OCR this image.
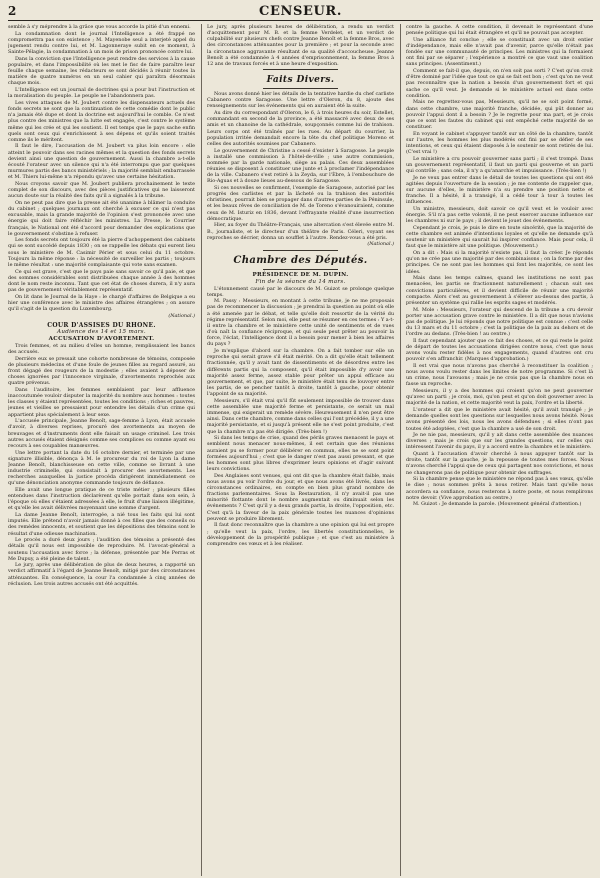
2	CENSEUR.

semble à s'y méprendre à la grâce que vous accorde la pitié d'un ennemi.

La condamnation dont le journal l'Intelligence a été frappé ne compromettra pas son existence ; M. Mayenobe seul a interjeté appel du jugement rendu contre lui, et M. Lagonneraye subit en ce moment, à Sainte-Pélagie, la condamnation à un mois de prison prononcée contre lui.

Dans la conviction que l'Intelligence peut rendre des services à la cause populaire, et dans l'impossibilité où les met le fisc de faire paraître leur feuille chaque semaine, les rédacteurs se sont décidés à réunir toutes la matière de quatre numéros en un seul cahier qui paraîtra désormais chaque mois.

L'Intelligence est un journal de doctrines qui a pour but l'instruction et la moralisation du peuple. Le peuple ne l'abandonnera pas.

Les vives attaques de M. Joubert contre les dispensateurs actuels des fonds secrets ne sont que la continuation de cette comédie dont le public n'a jamais été dupe et dont la doctrine est aujourd'hui le comble. Ce n'est plus contre des ministres que la lutte est engagée, c'est contre le système même qui les crée et qui les soutient. Il est temps que le pays sache enfin quels sont ceux qui s'enrichissent à ses dépens et qu'ils soient traités comme ils le méritent.

Il faut le dire, l'accusation de M. Joubert va plus loin encore : elle atteint le pouvoir dans ses racines mêmes et la question des fonds secrets devient ainsi une question de gouvernement. Aussi la chambre a-t-elle écouté l'orateur avec un silence qui n'a été interrompu que par quelques murmures partis des bancs ministériels ; la majorité semblait embarrassée et M. Thiers lui-même n'a répondu qu'avec une certaine hésitation.

Nous croyons savoir que M. Joubert publiera prochainement le texte complet de son discours, avec des pièces justificatives qui ne laisseront aucun doute sur la réalité des faits qu'il a signalés à la tribune.

On ne peut pas dire que la presse ait été unanime à blâmer la conduite du cabinet ; quelques journaux ont cherché à excuser ce qui n'est pas excusable, mais la grande majorité de l'opinion s'est prononcée avec une énergie qui doit faire réfléchir les ministres. La Presse, le Courrier français, le National ont été d'accord pour demander des explications que le gouvernement s'obstine à refuser.

Les fonds secrets ont toujours été la pierre d'achoppement des cabinets qui se sont succédé depuis 1830 ; on se rappelle les débats qui eurent lieu sous le ministère de M. Casimir Périer et sous celui du 11 octobre. Toujours la même réponse : la nécessité de surveiller les partis ; toujours le même résultat : une majorité complaisante qui vote sans examen.

Ce qui est grave, c'est que le pays paie sans savoir ce qu'il paie, et que des sommes considérables sont distribuées chaque année à des hommes dont le nom reste inconnu. Tant que cet état de choses durera, il n'y aura pas de gouvernement véritablement représentatif.

On lit dans le Journal de la Haye : le chargé d'affaires de Belgique a eu hier une conférence avec le ministre des affaires étrangères ; on assure qu'il s'agit de la question du Luxembourg.

(National.)
COUR D'ASSISES DU RHONE.
Audience des 14 et 15 mars.
ACCUSATION D'AVORTEMENT.

Trois femmes, et au milieu d'elles un homme, remplissaient les bancs des accusés.

Derrière eux se pressait une cohorte nombreuse de témoins, composée de plusieurs médecins et d'une foule de jeunes filles au regard assuré, au front dégagé des rougeurs de la modestie ; elles avaient à déposer de choses ignorées par l'innocence virginale, d'avortements reprochés aux quatre prévenus.

Dans l'auditoire, les femmes semblaient par leur affluence inaccoutumée vouloir disputer la majorité du nombre aux hommes : toutes les classes y étaient représentées, toutes les conditions ; riches et pauvres, jeunes et vieilles se pressaient pour entendre les détails d'un crime qui appartient plus spécialement à leur sexe.

L'accusée principale, Jeanne Benoît, sage-femme à Lyon, était accusée d'avoir, à diverses reprises, procuré des avortements au moyen de breuvages et d'instruments dont elle faisait un usage criminel. Les trois autres accusés étaient désignés comme ses complices ou comme ayant eu recours à ses coupables manœuvres.

Une lettre portant la date du 16 octobre dernier, et terminée par une signature illisible, dénonça à M. le procureur du roi de Lyon la dame Jeanne Benoît, blanchisseuse en cette ville, comme se livrant à une industrie criminelle, qui consistait à procurer des avortements. Les recherches auxquelles la justice procéda dirigèrent immédiatement ce qu'une dénonciation anonyme commande toujours de défiance.

Elle avait une longue pratique de ce triste métier ; plusieurs filles entendues dans l'instruction déclarèrent qu'elle portait dans son sein, à l'époque où elles s'étaient adressées à elle, le fruit d'une liaison illégitime, et qu'elle les avait délivrées moyennant une somme d'argent.

La dame Jeanne Benoît, interrogée, a nié tous les faits qui lui sont imputés. Elle prétend n'avoir jamais donné à ces filles que des conseils ou des remèdes innocents, et soutient que les dépositions des témoins sont le résultat d'une odieuse machination.

Le procès a duré deux jours ; l'audition des témoins a présenté des détails qu'il nous est impossible de reproduire. M. l'avocat-général a soutenu l'accusation avec force ; la défense, présentée par Me Perras et Me Dupuy, a été pleine de talent.

Le jury, après une délibération de plus de deux heures, a rapporté un verdict affirmatif à l'égard de Jeanne Benoît, mitigé par des circonstances atténuantes. En conséquence, la cour l'a condamnée à cinq années de réclusion. Les trois autres accusés ont été acquittés.

Le jury, après plusieurs heures de délibération, a rendu un verdict d'acquittement pour M. B. et la femme Verdelet, et un verdict de culpabilité sur plusieurs chefs contre Jeanne Benoît et la femme Bros, avec des circonstances atténuantes pour la première ; et pour la seconde avec la circonstance aggravante résultant de sa qualité d'accoucheuse. Jeanne Benoît a été condamnée à 4 années d'emprisonnement, la femme Bros à 12 ans de travaux forcés et à une heure d'exposition.

Faits Divers.

Nous avons donné hier les détails de la tentative hardie du chef carliste Cabanero contre Saragosse. Une lettre d'Oleron, du 8, ajoute des renseignements sur les événements qui en auraient été la suite.

Au dire du correspondant d'Oleron, le 6, à trois heures du soir, Estellet, commandant en second de la province, a été massacré avec deux de ses amis et un chanoine de la cathédrale, soupçonnés comme lui de trahison. Leurs corps ont été traînés par les rues. Au départ du courrier, la population irritée demandait encore la tête du chef politique Moreno et celles des autorités soumises par Cabanero.

Le gouvernement de Christine a cessé d'exister à Saragosse. Le peuple a installé une commission à l'hôtel-de-ville ; une autre commission, nommée par la garde nationale, siège au palais. Ces deux assemblées réunies se disposent à constituer une junte et à proclamer l'indépendance de la ville. Cabanero s'est retiré à la Zeyda, sur l'Èbre, à l'embouchure de Rio-Aguas et à douze lieues au-dessous de Saragosse.

Si ces nouvelles se confirment, l'exemple de Saragosse, autorisé par les progrès des carlistes et par la lâcheté ou la trahison des autorités christines, pourrait bien se propager dans d'autres parties de la Péninsule, et les beaux rêves de conciliation de M. de Toreno s'évanouiraient, comme ceux de M. Isturiz en 1836, devant l'effrayante réalité d'une insurrection démocratique.

Hier, au foyer du Théâtre-Français, une altercation s'est élevée entre M. B., journaliste, et le directeur d'un théâtre de Paris. Céleri, voyant ses reproches se décrier, donna un soufflet à l'autre. Rendez-vous a été pris.

(National.)
Chambre des Députés.
PRÉSIDENCE DE M. DUPIN.
Fin de la séance du 14 mars.

L'étonnement causé par le discours de M. Guizot se prolonge quelque temps.

M. Passy : Messieurs, en montant à cette tribune, je ne me proposais pas de recommencer la discussion ; je prendrai la question au point où elle a été amenée par le débat, et telle qu'elle doit ressortir de la vérité du régime représentatif. Selon moi, elle peut se résumer en ces termes : Y a-t-il entre la chambre et le ministère cette unité de sentiments et de vues d'où naît la confiance réciproque, et qui seule peut prêter au pouvoir la force, l'éclat, l'intelligence dont il a besoin pour mener à bien les affaires du pays ?

Je m'explique d'abord sur la chambre. On a fait tomber sur elle un reproche qui serait grave s'il était mérité. On a dit qu'elle était tellement fractionnée, qu'il y avait tant de dissentiments et de désordres entre les différents partis qui la composent, qu'il était impossible d'y avoir une majorité assez ferme, assez stable pour prêter un appui efficace au gouvernement, et que, par suite, le ministère était tenu de louvoyer entre les partis, de se pencher tantôt à droite, tantôt à gauche, pour obtenir l'appoint de sa majorité.

Messieurs, s'il était vrai qu'il fût seulement impossible de trouver dans cette assemblée une majorité ferme et persistante, ce serait un mal immense, qui exigerait un remède sévère. Heureusement il n'en peut être ainsi. Dans cette chambre, comme dans celles qui l'ont précédée, il y a une majorité persistante, et si jusqu'à présent elle ne s'est point produite, c'est que la chambre n'a pas été dirigée. (Très-bien !)

Si dans les temps de crise, quand des périls graves menacent le pays et semblent nous menacer nous-mêmes, il est certain que des réunions auraient pu se former pour délibérer en commun, elles ne se sont point formées aujourd'hui ; c'est que le danger n'est pas aussi pressant, et que les hommes sont plus libres d'exprimer leurs opinions et d'agir suivant leurs convictions.

Des Anglaises sont venues, qui ont dit que la chambre était faible, mais nous avons pu voir l'ordre du jour, et que nous avons été livrés, dans les circonstances ordinaires, en compte en bien plus grand nombre de fractions parlementaires. Sous la Restauration, il n'y avait-il pas une minorité flottante dont le nombre augmentait ou diminuait selon les événements ? C'est qu'il y a deux grands partis, la droite, l'opposition, etc. C'est qu'à la faveur de la paix générale toutes les nuances d'opinions peuvent se produire librement.

Il faut donc reconnaître que la chambre a une opinion qui lui est propre ; qu'elle veut la paix, l'ordre, les libertés constitutionnelles, le développement de la prospérité publique ; et que c'est au ministère à comprendre ces vœux et à les réaliser.

contre la gauche. À cette condition, il devenait le représentant d'une pensée politique qui lui était étrangère et qu'il ne pouvait pas accepter.

Une alliance fut conclue ; elle se constituait avec un droit entier d'indépendance, mais elle n'avait pas d'avenir, parce qu'elle n'était pas fondée sur une communauté de principes. Les ministres qui la formaient ont fini par se séparer ; l'expérience a montré ce que vaut une coalition sans principes. (Assentiment.)

Comment se fait-il que, depuis, on n'en soit pas sorti ? C'est qu'on croit d'être dominé par l'idée que tout ce qui se fait est bon ; c'est qu'on ne veut pas reconnaître que la nation a besoin d'un gouvernement fort et qui sache ce qu'il veut. Je demande si le ministère actuel est dans cette condition.

Mais ne regrettez-vous pas, Messieurs, qu'il ne se soit point formé, dans cette chambre, une majorité franche, décidée, qui pût donner au pouvoir l'appui dont il a besoin ? Je le regrette pour ma part, et je crois que ce sont les fautes du cabinet qui ont empêché cette majorité de se constituer.

En voyant le cabinet s'appuyer tantôt sur un côté de la chambre, tantôt sur l'autre, les hommes les plus modérés ont fini par se défier de ses intentions, et ceux qui étaient disposés à le soutenir se sont retirés de lui. (C'est vrai !)

Le ministère a cru pouvoir gouverner sans parti ; il s'est trompé. Dans un gouvernement représentatif, il faut un parti qui gouverne et un parti qui contrôle ; sans cela, il n'y a qu'anarchie et impuissance. (Très-bien !)

Je ne veux pas entrer dans le détail de toutes les questions qui ont été agitées depuis l'ouverture de la session ; je me contente de rappeler que, sur aucune d'elles, le ministère n'a su prendre une position nette et franche. Il a hésité, il a transigé, il a cédé tour à tour à toutes les influences.

Un ministre, messieurs, doit savoir ce qu'il veut et le vouloir avec énergie. S'il n'a pas cette volonté, il ne peut exercer aucune influence sur les chambres ni sur le pays ; il devient le jouet des événements.

Cependant je crois, je puis le dire en toute sincérité, que la majorité de cette chambre est animée d'intentions loyales et qu'elle ne demande qu'à soutenir un ministère qui saurait lui inspirer confiance. Mais pour cela, il faut que le ministère ait une politique. (Mouvement.)

On a dit : Mais si la majorité n'existe pas, il faut la créer. Je réponds qu'on ne crée pas une majorité par des combinaisons ; on la forme par des principes. Ce ne sont pas les hommes qui font les majorités, ce sont les idées.

Mais dans les temps calmes, quand les institutions ne sont pas menacées, les partis se fractionnent naturellement ; chacun suit ses convictions particulières, et il devient difficile de réunir une majorité compacte. Alors c'est au gouvernement à s'élever au-dessus des partis, à présenter un système qui rallie les esprits sages et modérés.

M. Mole : Messieurs, l'orateur qui descend de la tribune a cru devoir porter une accusation grave contre le ministère. Il a dit que nous n'avions pas de politique. Je lui réponds que notre politique est connue : c'est celle du 13 mars et du 11 octobre ; c'est la politique de la paix au dehors et de l'ordre au dedans. (Très-bien ! au centre.)

Il faut cependant ajouter que ce fait des choses, et ce qui reste le point de départ de toutes les accusations dirigées contre nous, c'est que nous avons voulu rester fidèles à nos engagements, quand d'autres ont cru pouvoir s'en affranchir. (Marques d'approbation.)

Il est vrai que nous n'avons pas cherché à reconstituer la coalition ; nous avons voulu rester dans les limites de notre programme. Si c'est là un crime, nous l'avouons ; mais je ne crois pas que la chambre nous en fasse un reproche.

Messieurs, il y a des hommes qui croient qu'on ne peut gouverner qu'avec un parti ; je crois, moi, qu'on peut et qu'on doit gouverner avec la majorité de la nation, et cette majorité veut la paix, l'ordre et la liberté.

L'orateur a dit que le ministère avait hésité, qu'il avait transigé ; je demande quelles sont les questions sur lesquelles nous avons hésité. Nous avons présenté des lois, nous les avons défendues ; si elles n'ont pas toutes été adoptées, c'est que la chambre a usé de son droit.

Je ne nie pas, messieurs, qu'il y ait dans cette assemblée des nuances diverses ; mais je crois que sur les grandes questions, sur celles qui intéressent l'avenir du pays, il y a accord entre la chambre et le ministère.

Quant à l'accusation d'avoir cherché à nous appuyer tantôt sur la droite, tantôt sur la gauche, je la repousse de toutes mes forces. Nous n'avons cherché l'appui que de ceux qui partagent nos convictions, et nous ne changerons pas de politique pour obtenir des suffrages.

Si la chambre pense que le ministère ne répond pas à ses vœux, qu'elle le dise ; nous sommes prêts à nous retirer. Mais tant qu'elle nous accordera sa confiance, nous resterons à notre poste, et nous remplirons notre devoir. (Vive approbation au centre.)

M. Guizot : Je demande la parole. (Mouvement général d'attention.)
